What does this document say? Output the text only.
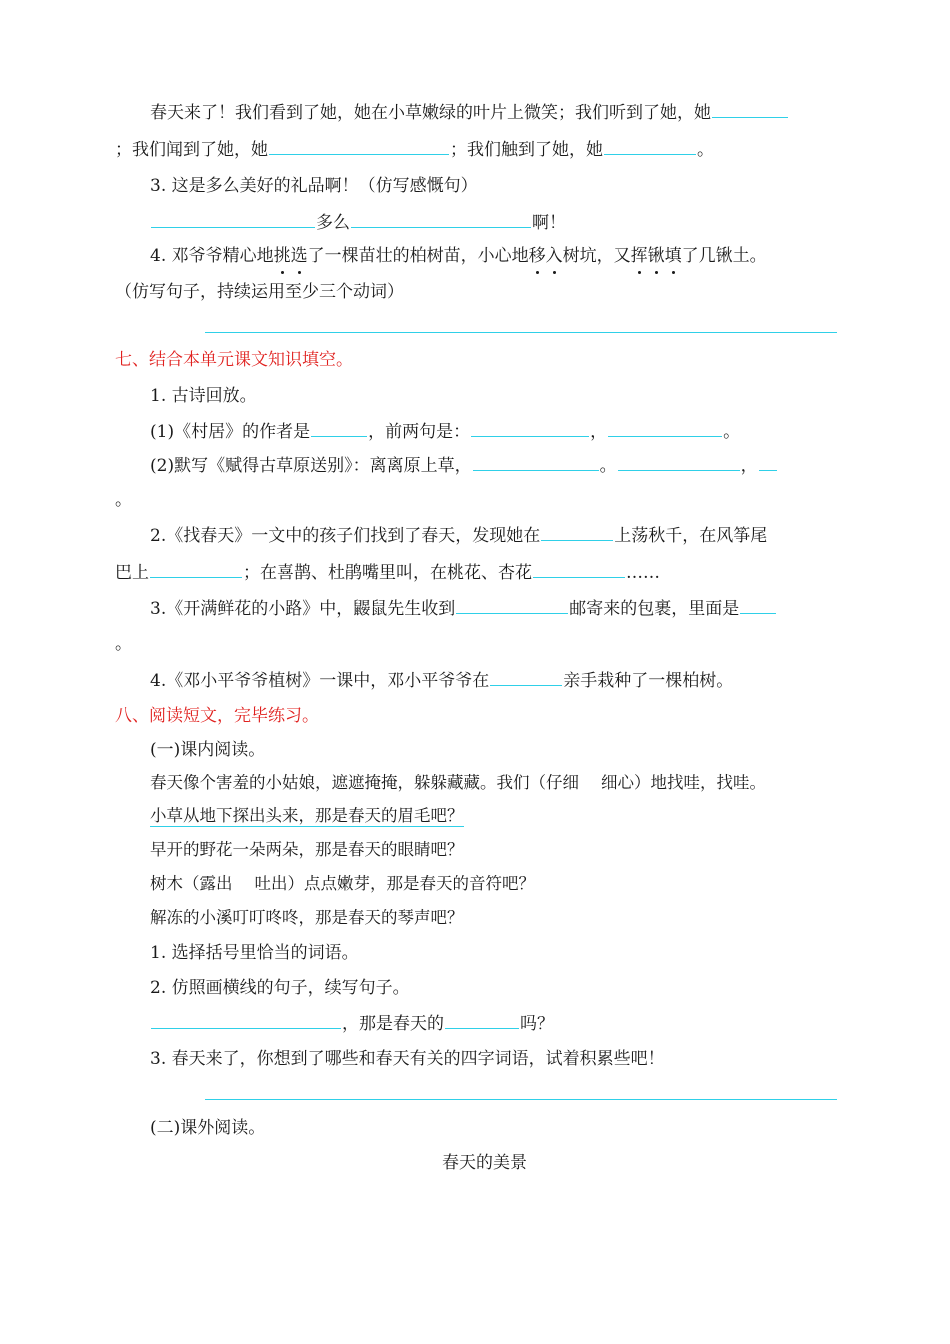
春天来了！我们看到了她，她在小草嫩绿的叶片上微笑；我们听到了她，她
；我们闻到了她，她	；我们触到了她，她	。
3. 这是多么美好的礼品啊！（仿写感慨句）
多么	啊！
4. 邓爷爷精心地挑选了一棵苗壮的柏树苗，小心地移入树坑，又挥锹填了几锹土。
（仿写句子，持续运用至少三个动词）
七、结合本单元课文知识填空。
1. 古诗回放。
(1)《村居》的作者是	，前两句是：	，	。
(2)默写《赋得古草原送别》：离离原上草，	。	，
。
2.《找春天》一文中的孩子们找到了春天，发现她在	上荡秋千，在风筝尾
巴上	；在喜鹊、杜鹃嘴里叫，在桃花、杏花	……
3.《开满鲜花的小路》中，鼹鼠先生收到	邮寄来的包裹，里面是
。
4.《邓小平爷爷植树》一课中，邓小平爷爷在	亲手栽种了一棵柏树。
八、阅读短文，完毕练习。
(一)课内阅读。
春天像个害羞的小姑娘，遮遮掩掩，躲躲藏藏。我们（仔细 细心）地找哇，找哇。
小草从地下探出头来，那是春天的眉毛吧？
早开的野花一朵两朵，那是春天的眼睛吧？
树木（露出 吐出）点点嫩芽，那是春天的音符吧？
解冻的小溪叮叮咚咚，那是春天的琴声吧？
1. 选择括号里恰当的词语。
2. 仿照画横线的句子，续写句子。
，那是春天的	吗？
3. 春天来了，你想到了哪些和春天有关的四字词语，试着积累些吧！
(二)课外阅读。
春天的美景
